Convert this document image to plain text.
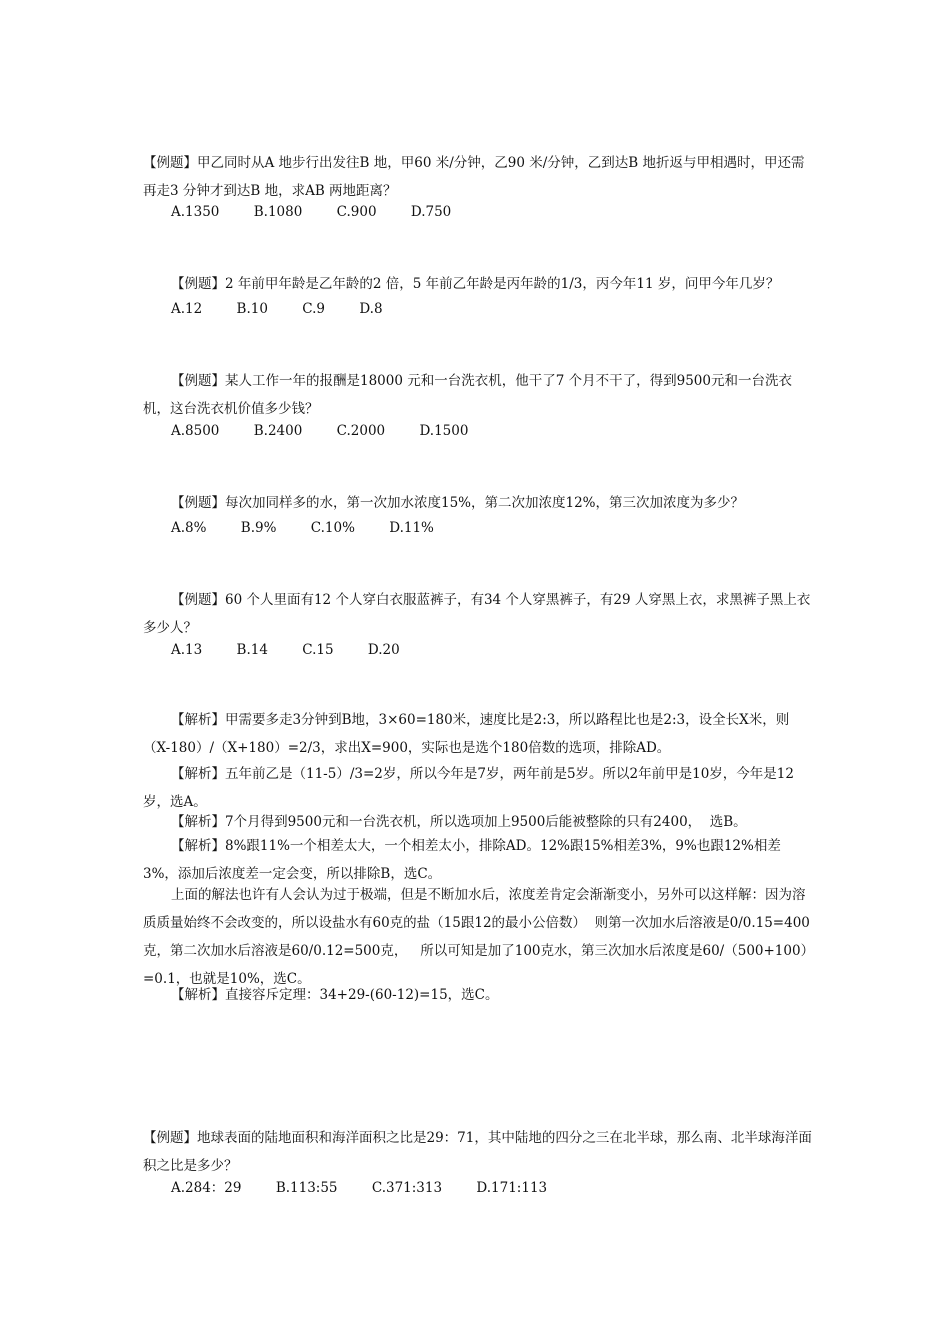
【例题】甲乙同时从A 地步行出发往B 地，甲60 米/分钟，乙90 米/分钟，乙到达B 地折返与甲相遇时，甲还需再走3 分钟才到达B 地，求AB 两地距离？

A.1350        B.1080        C.900        D.750

【例题】2 年前甲年龄是乙年龄的2 倍，5 年前乙年龄是丙年龄的1/3，丙今年11 岁，问甲今年几岁？

A.12        B.10        C.9        D.8

【例题】某人工作一年的报酬是18000 元和一台洗衣机，他干了7 个月不干了，得到9500元和一台洗衣机，这台洗衣机价值多少钱？

A.8500        B.2400        C.2000        D.1500

【例题】每次加同样多的水，第一次加水浓度15%，第二次加浓度12%，第三次加浓度为多少？

A.8%        B.9%        C.10%        D.11%

【例题】60 个人里面有12 个人穿白衣服蓝裤子，有34 个人穿黑裤子，有29 人穿黑上衣，求黑裤子黑上衣多少人？

A.13        B.14        C.15        D.20

【解析】甲需要多走3分钟到B地，3×60=180米，速度比是2:3，所以路程比也是2:3，设全长X米，则（X-180）/（X+180）=2/3，求出X=900，实际也是选个180倍数的选项，排除AD。

【解析】五年前乙是（11-5）/3=2岁，所以今年是7岁，两年前是5岁。所以2年前甲是10岁，今年是12岁，选A。

【解析】7个月得到9500元和一台洗衣机，所以选项加上9500后能被整除的只有2400，  选B。

【解析】8%跟11%一个相差太大，一个相差太小，排除AD。12%跟15%相差3%，9%也跟12%相差3%，添加后浓度差一定会变，所以排除B，选C。

上面的解法也许有人会认为过于极端，但是不断加水后，浓度差肯定会渐渐变小，另外可以这样解：因为溶质质量始终不会改变的，所以设盐水有60克的盐（15跟12的最小公倍数）  则第一次加水后溶液是0/0.15=400克，第二次加水后溶液是60/0.12=500克，   所以可知是加了100克水，第三次加水后浓度是60/（500+100）=0.1，也就是10%，选C。

【解析】直接容斥定理：34+29-(60-12)=15，选C。

【例题】地球表面的陆地面积和海洋面积之比是29：71，其中陆地的四分之三在北半球，那么南、北半球海洋面积之比是多少？

A.284：29        B.113:55        C.371:313        D.171:113
